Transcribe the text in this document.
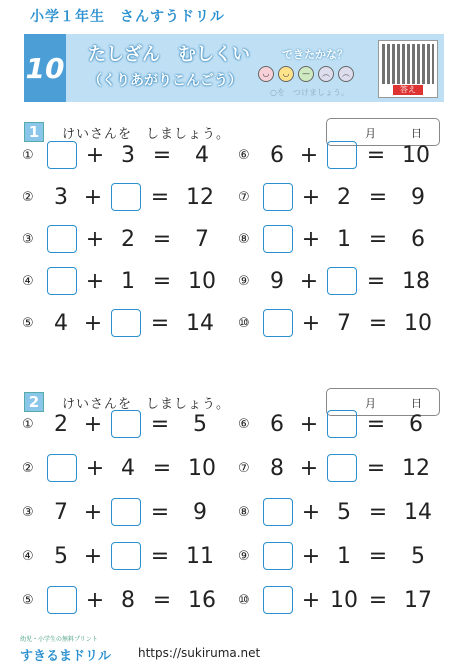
小学１年生　さんすうドリル
10 たしざん　むしくい
（くりあがりこんごう）
できたかな？
◡	◡	—	︵	︵
○を　つけましょう。	答え
1	けいさんを　しましょう。	月	日
① + 3 =	4
② 3 +	= 12
③ + 2 =	7
④ + 1 = 10
⑤ 4 +	= 14
⑥ 6 +	= 10
⑦ + 2 =	9
⑧ + 1 =	6
⑨ 9 +	= 18
⑩ + 7 = 10
2	けいさんを　しましょう。	月	日
① 2 +	=	5
② + 4 = 10
③ 7 +	=	9
④ 5 +	= 11
⑤ + 8 = 16
⑥ 6 +	=	6
⑦ 8 +	= 12
⑧ + 5 = 14
⑨ + 1 =	5
⑩ + 10 = 17
幼児・小学生の無料プリント
すきるまドリル https://sukiruma.net
